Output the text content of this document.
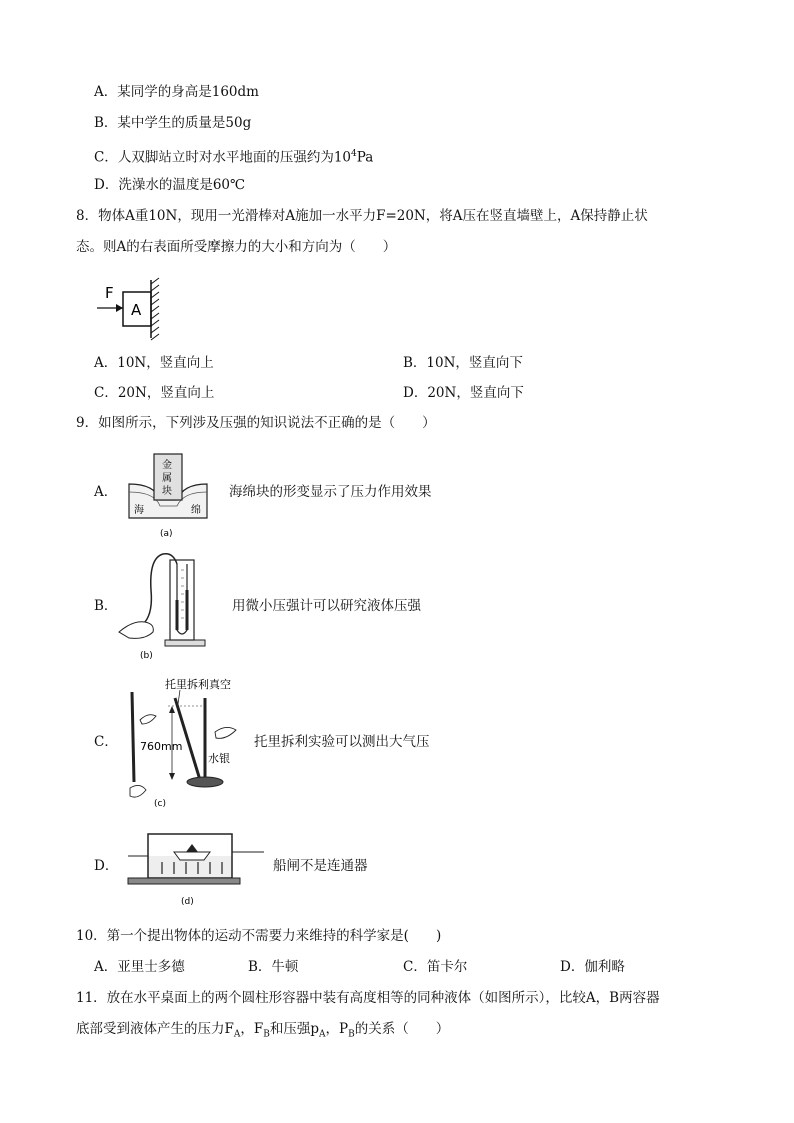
A．某同学的身高是160dm
B．某中学生的质量是50g
C．人双脚站立时对水平地面的压强约为$10^4Pa$
D．洗澡水的温度是60℃
8．物体A重10N，现用一光滑棒对A施加一水平力F=20N，将A压在竖直墙壁上，A保持静止状
态。则A的右表面所受摩擦力的大小和方向为（　　）
F
A
A．10N，竖直向上	B．10N，竖直向下
C．20N，竖直向上	D．20N，竖直向下
9．如图所示，下列涉及压强的知识说法不正确的是（　　）
A．
金
属
块
海	绵
(a)
海绵块的形变显示了压力作用效果
B．
(b)
用微小压强计可以研究液体压强
C．
托里拆利真空
760mm
水银
(c)
托里拆利实验可以测出大气压
D．
(d)
船闸不是连通器
10．第一个提出物体的运动不需要力来维持的科学家是(　　)
A．亚里士多德	B．牛顿	C．笛卡尔	D．伽利略
11．放在水平桌面上的两个圆柱形容器中装有高度相等的同种液体（如图所示），比较A，B两容器
底部受到液体产生的压力$F_A$，$F_B$和压强$p_A$，$P_B$的关系（　　）
